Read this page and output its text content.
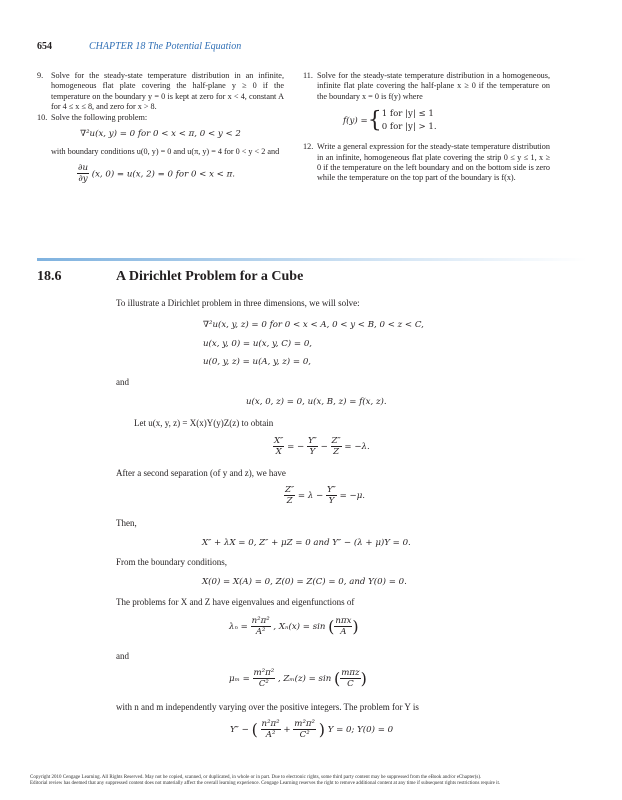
654	CHAPTER 18 The Potential Equation
9. Solve for the steady-state temperature distribution in an infinite, homogeneous flat plate covering the half-plane y ≥ 0 if the temperature on the boundary y = 0 is kept at zero for x < 4, constant A for 4 ≤ x ≤ 8, and zero for x > 8.
10. Solve the following problem:
∇²u(x, y) = 0 for 0 < x < π, 0 < y < 2
with boundary conditions u(0, y) = 0 and u(π, y) = 4 for 0 < y < 2 and
$\frac{\partial u}{\partial y} (x$, 0) = u(x, 2) = 0 for 0 < x < π.
11. Solve for the steady-state temperature distribution in a homogeneous, infinite flat plate covering the half-plane x ≥ 0 if the temperature on the boundary x = 0 is f(y) where
f(y) = { 1 for |y| ≤ 1
0 for |y| > 1.
12. Write a general expression for the steady-state temperature distribution in an infinite, homogeneous flat plate covering the strip 0 ≤ y ≤ 1, x ≥ 0 if the temperature on the left boundary and on the bottom side is zero while the temperature on the top part of the boundary is f(x).
18.6	A Dirichlet Problem for a Cube
To illustrate a Dirichlet problem in three dimensions, we will solve:
∇²u(x, y, z) = 0 for 0 < x < A, 0 < y < B, 0 < z < C,
u(x, y, 0) = u(x, y, C) = 0,
u(0, y, z) = u(A, y, z) = 0,
and
u(x, 0, z) = 0, u(x, B, z) = f(x, z).
Let u(x, y, z) = X(x)Y(y)Z(z) to obtain
$\frac{X''}{X}$ = − $\frac{Y''}{Y} - \frac{Z''}{Z} = -\lambda$.
After a second separation (of y and z), we have
$\frac{Z''}{Z} = \lambda - \frac{Y''}{Y} = -\mu$.
Then,
X″ + λX = 0, Z″ + μZ = 0 and Y″ − (λ + μ)Y = 0.
From the boundary conditions,
X(0) = X(A) = 0, Z(0) = Z(C) = 0, and Y(0) = 0.
The problems for X and Z have eigenvalues and eigenfunctions of
$\lambda_n = \frac{\text{n²π²}}{\text{A²}}$ , Xₙ(x) = sin ( $\frac{\text{nπx}}{A}$ )
and
$\mu_m = \frac{\text{m²π²}}{\text{C²}}$ , Zₘ(z) = sin ( $\frac{\text{mπz}}{C}$ )
with n and m independently varying over the positive integers. The problem for Y is
Y″ − ( $\frac{\text{n²π²}}{\text{A²}} + \frac{\text{m²π²}}{\text{C²}}$ ) Y = 0; Y(0) = 0
Copyright 2010 Cengage Learning. All Rights Reserved. May not be copied, scanned, or duplicated, in whole or in part. Due to electronic rights, some third party content may be suppressed from the eBook and/or eChapter(s).
Editorial review has deemed that any suppressed content does not materially affect the overall learning experience. Cengage Learning reserves the right to remove additional content at any time if subsequent rights restrictions require it.
